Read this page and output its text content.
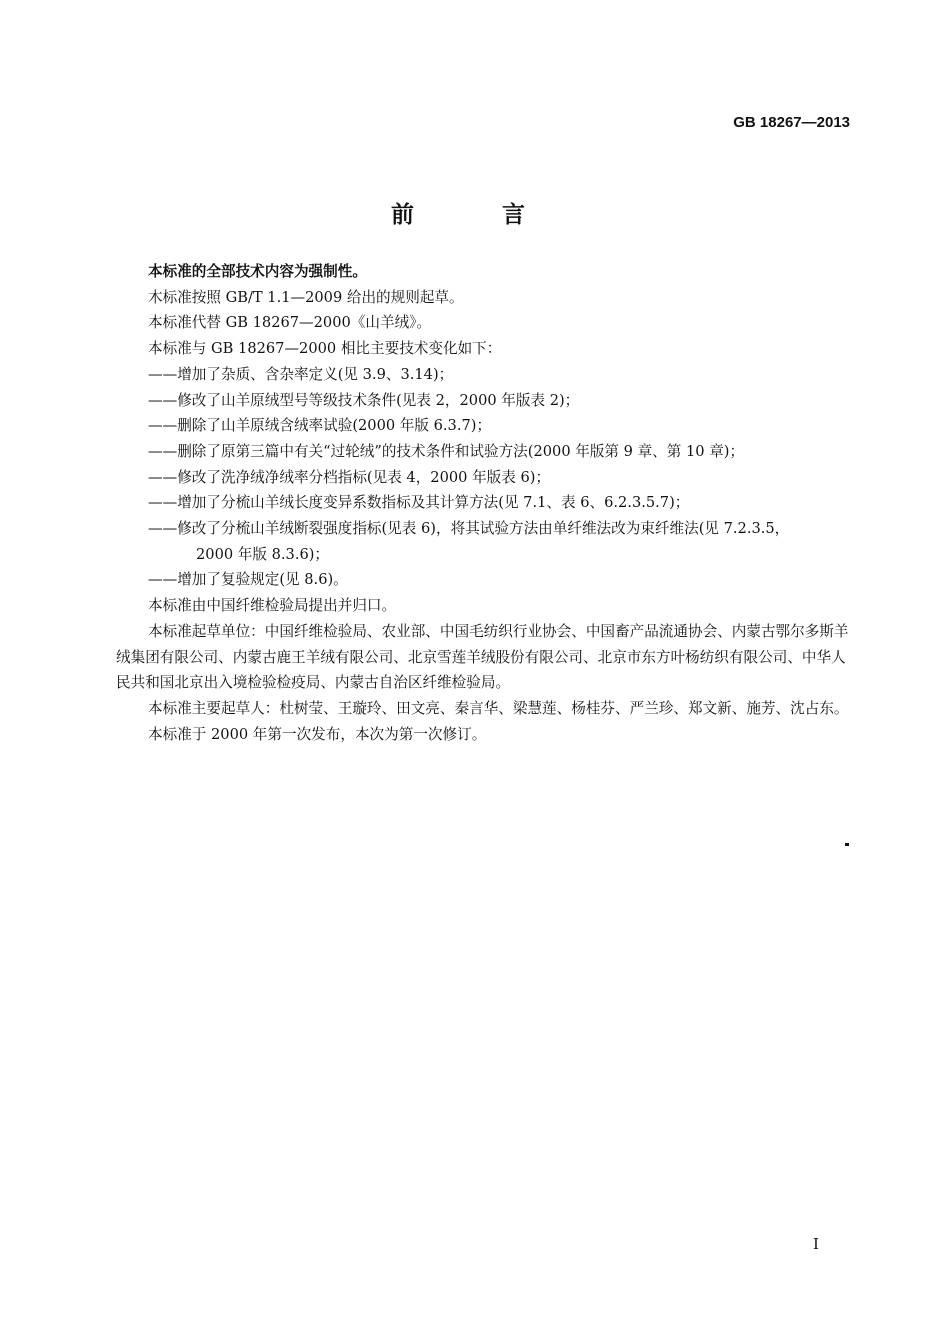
GB 18267—2013
前 言

本标准的全部技术内容为强制性。

木标准按照 GB/T 1.1—2009 给出的规则起草。

本标准代替 GB 18267—2000《山羊绒》。

本标准与 GB 18267—2000 相比主要技术变化如下：

——增加了杂质、含杂率定义(见 3.9、3.14)；

——修改了山羊原绒型号等级技术条件(见表 2，2000 年版表 2)；

——删除了山羊原绒含绒率试验(2000 年版 6.3.7)；

——删除了原第三篇中有关“过轮绒”的技术条件和试验方法(2000 年版第 9 章、第 10 章)；

——修改了洗净绒净绒率分档指标(见表 4，2000 年版表 6)；

——增加了分梳山羊绒长度变异系数指标及其计算方法(见 7.1、表 6、6.2.3.5.7)；

——修改了分梳山羊绒断裂强度指标(见表 6)，将其试验方法由单纤维法改为束纤维法(见 7.2.3.5，

2000 年版 8.3.6)；

——增加了复验规定(见 8.6)。

本标准由中国纤维检验局提出并归口。

本标准起草单位：中国纤维检验局、农业部、中国毛纺织行业协会、中国畜产品流通协会、内蒙古鄂尔多斯羊绒集团有限公司、内蒙古鹿王羊绒有限公司、北京雪莲羊绒股份有限公司、北京市东方叶杨纺织有限公司、中华人民共和国北京出入境检验检疫局、内蒙古自治区纤维检验局。

本标准主要起草人：杜树莹、王璇玲、田文亮、秦言华、梁慧莲、杨桂芬、严兰珍、郑文新、施芳、沈占东。

本标准于 2000 年第一次发布，本次为第一次修订。

I
